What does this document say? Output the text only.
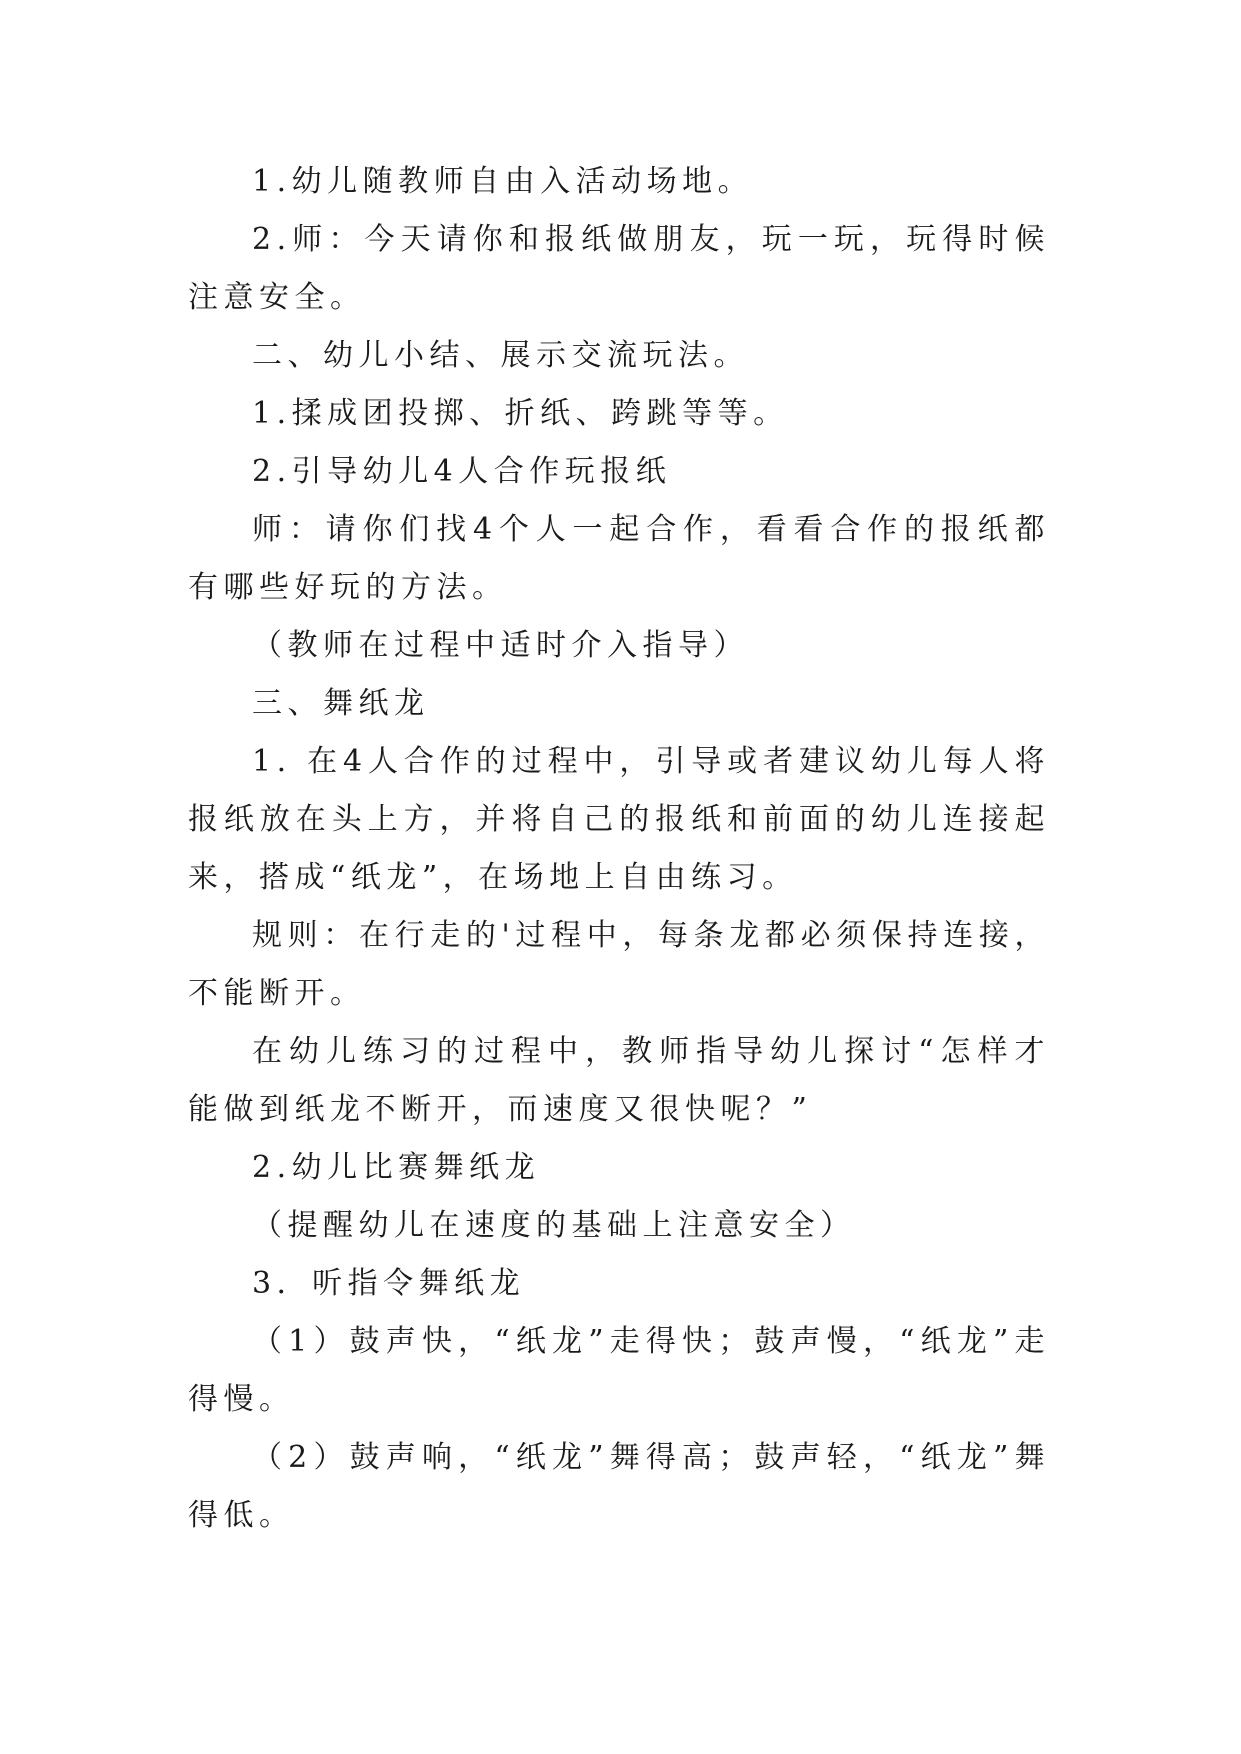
1.幼儿随教师自由入活动场地。

2.师：今天请你和报纸做朋友，玩一玩，玩得时候注意安全。

二、幼儿小结、展示交流玩法。

1.揉成团投掷、折纸、跨跳等等。

2.引导幼儿4人合作玩报纸

师：请你们找4个人一起合作，看看合作的报纸都有哪些好玩的方法。

（教师在过程中适时介入指导）

三、舞纸龙

1. 在4人合作的过程中，引导或者建议幼儿每人将报纸放在头上方，并将自己的报纸和前面的幼儿连接起来，搭成“纸龙”，在场地上自由练习。

规则：在行走的'过程中，每条龙都必须保持连接，不能断开。

在幼儿练习的过程中，教师指导幼儿探讨“怎样才能做到纸龙不断开，而速度又很快呢？”

2.幼儿比赛舞纸龙

（提醒幼儿在速度的基础上注意安全）

3．听指令舞纸龙

（1）鼓声快，“纸龙”走得快；鼓声慢，“纸龙”走得慢。

（2）鼓声响，“纸龙”舞得高；鼓声轻，“纸龙”舞得低。
